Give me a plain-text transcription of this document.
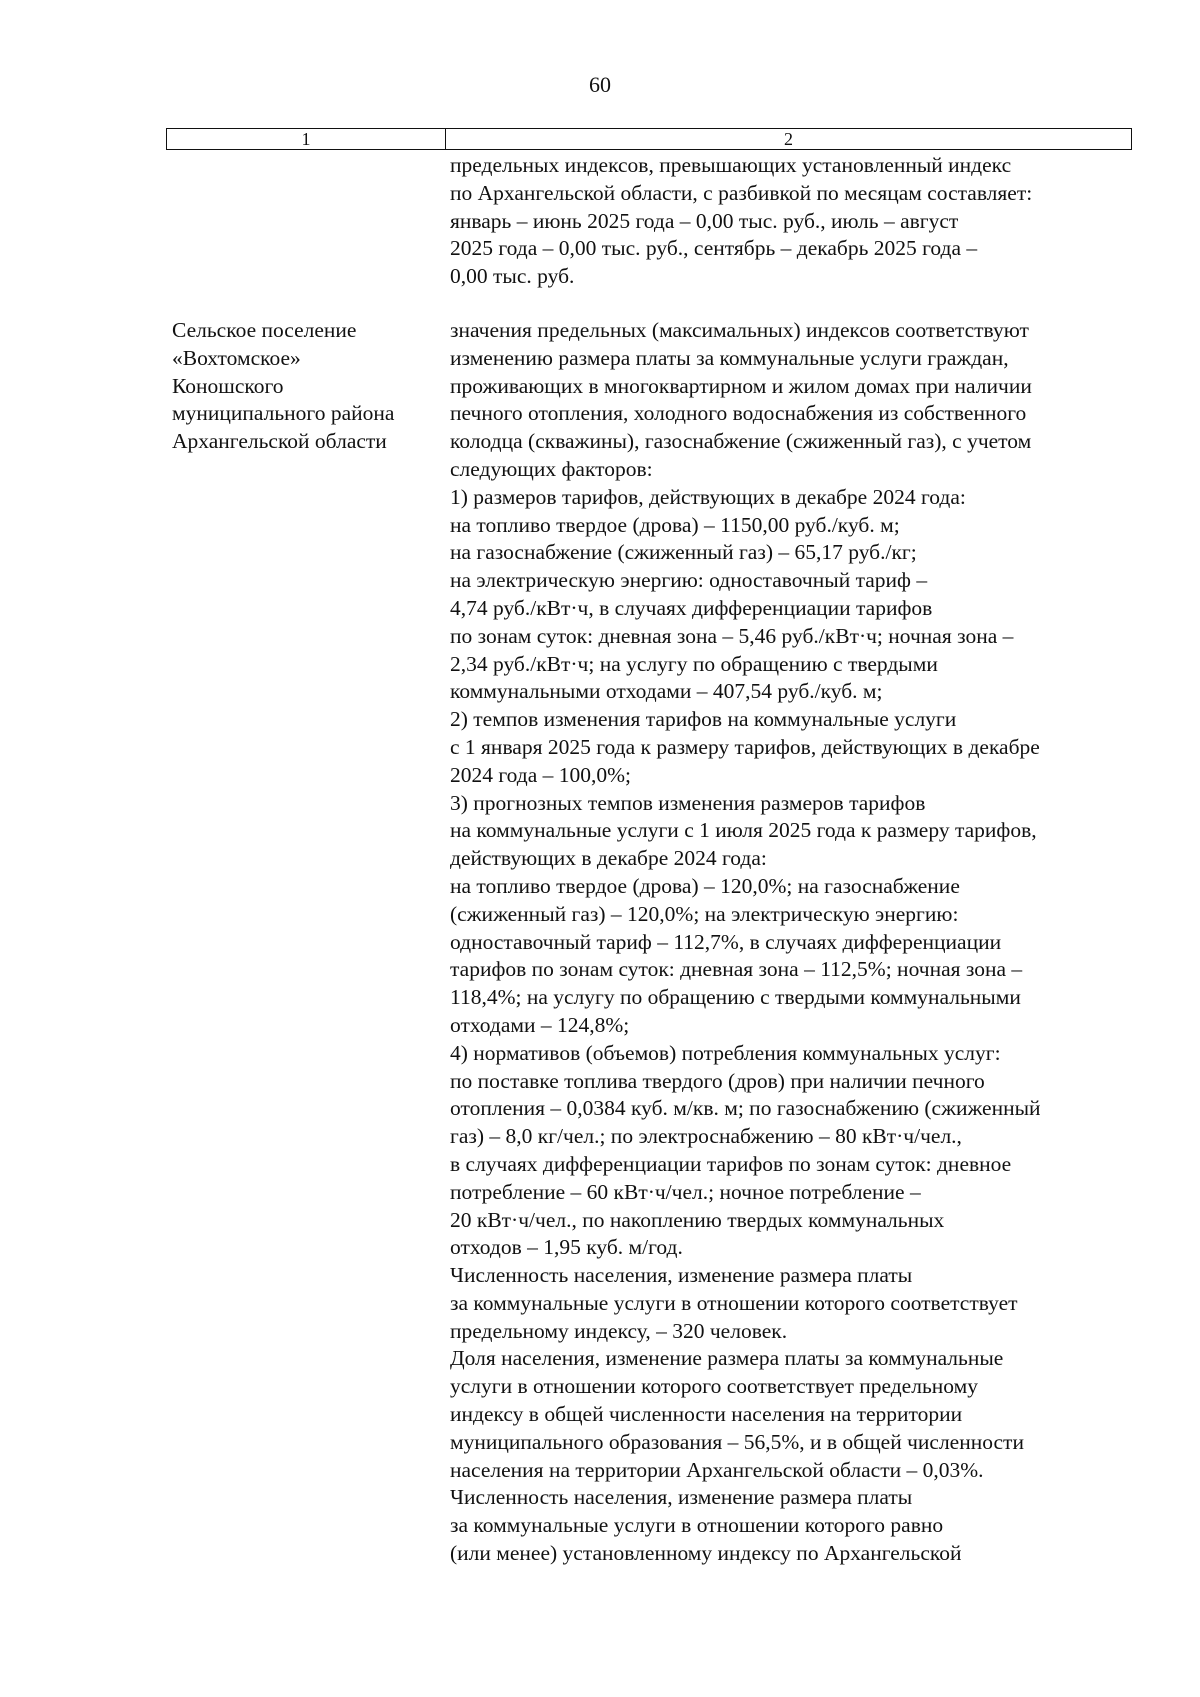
60
1	2
предельных индексов, превышающих установленный индекс
по Архангельской области, с разбивкой по месяцам составляет:
январь – июнь 2025 года – 0,00 тыс. руб., июль – август
2025 года – 0,00 тыс. руб., сентябрь – декабрь 2025 года –
0,00 тыс. руб.
Сельское поселение
«Вохтомское»
Коношского
муниципального района
Архангельской области
значения предельных (максимальных) индексов соответствуют
изменению размера платы за коммунальные услуги граждан,
проживающих в многоквартирном и жилом домах при наличии
печного отопления, холодного водоснабжения из собственного
колодца (скважины), газоснабжение (сжиженный газ), с учетом
следующих факторов:
1) размеров тарифов, действующих в декабре 2024 года:
на топливо твердое (дрова) – 1150,00 руб./куб. м;
на газоснабжение (сжиженный газ) – 65,17 руб./кг;
на электрическую энергию: одноставочный тариф –
4,74 руб./кВт·ч, в случаях дифференциации тарифов
по зонам суток: дневная зона – 5,46 руб./кВт·ч; ночная зона –
2,34 руб./кВт·ч; на услугу по обращению с твердыми
коммунальными отходами – 407,54 руб./куб. м;
2) темпов изменения тарифов на коммунальные услуги
с 1 января 2025 года к размеру тарифов, действующих в декабре
2024 года – 100,0%;
3) прогнозных темпов изменения размеров тарифов
на коммунальные услуги с 1 июля 2025 года к размеру тарифов,
действующих в декабре 2024 года:
на топливо твердое (дрова) – 120,0%; на газоснабжение
(сжиженный газ) – 120,0%; на электрическую энергию:
одноставочный тариф – 112,7%, в случаях дифференциации
тарифов по зонам суток: дневная зона – 112,5%; ночная зона –
118,4%; на услугу по обращению с твердыми коммунальными
отходами – 124,8%;
4) нормативов (объемов) потребления коммунальных услуг:
по поставке топлива твердого (дров) при наличии печного
отопления – 0,0384 куб. м/кв. м; по газоснабжению (сжиженный
газ) – 8,0 кг/чел.; по электроснабжению – 80 кВт·ч/чел.,
в случаях дифференциации тарифов по зонам суток: дневное
потребление – 60 кВт·ч/чел.; ночное потребление –
20 кВт·ч/чел., по накоплению твердых коммунальных
отходов – 1,95 куб. м/год.
Численность населения, изменение размера платы
за коммунальные услуги в отношении которого соответствует
предельному индексу, – 320 человек.
Доля населения, изменение размера платы за коммунальные
услуги в отношении которого соответствует предельному
индексу в общей численности населения на территории
муниципального образования – 56,5%, и в общей численности
населения на территории Архангельской области – 0,03%.
Численность населения, изменение размера платы
за коммунальные услуги в отношении которого равно
(или менее) установленному индексу по Архангельской
